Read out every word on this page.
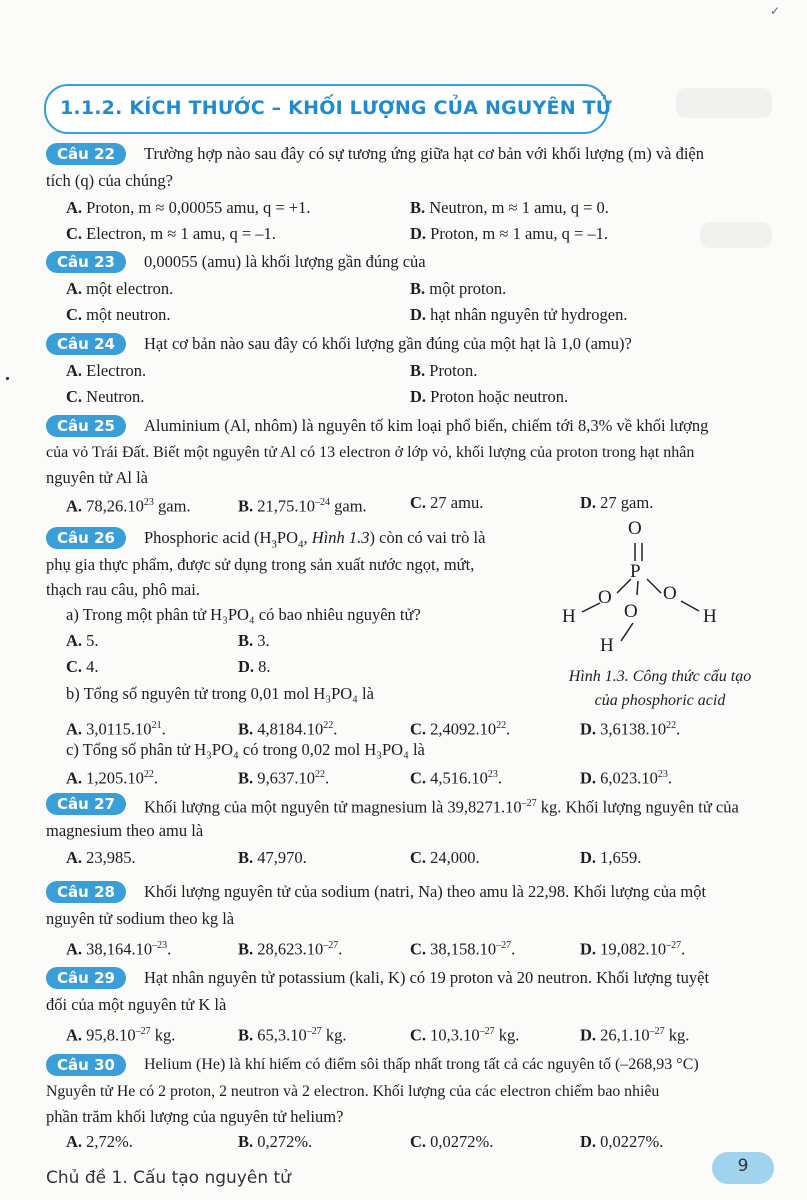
✓
1.1.2. KÍCH THƯỚC – KHỐI LƯỢNG CỦA NGUYÊN TỬ
Câu 22	Trường hợp nào sau đây có sự tương ứng giữa hạt cơ bản với khối lượng (m) và điện
tích (q) của chúng?
A. Proton, m ≈ 0,00055 amu, q = +1.	B. Neutron, m ≈ 1 amu, q = 0.
C. Electron, m ≈ 1 amu, q = –1.	D. Proton, m ≈ 1 amu, q = –1.
Câu 23	0,00055 (amu) là khối lượng gần đúng của
A. một electron.	B. một proton.
C. một neutron.	D. hạt nhân nguyên tử hydrogen.
Câu 24	Hạt cơ bản nào sau đây có khối lượng gần đúng của một hạt là 1,0 (amu)?
A. Electron.	B. Proton.
C. Neutron.	D. Proton hoặc neutron.
Câu 25	Aluminium (Al, nhôm) là nguyên tố kim loại phổ biến, chiếm tới 8,3% về khối lượng
của vỏ Trái Đất. Biết một nguyên tử Al có 13 electron ở lớp vỏ, khối lượng của proton trong hạt nhân
nguyên tử Al là
A. 78,26.10$^{23}$ gam.	B. $21,75.10^{-24}$ gam.	C. 27 amu.	D. 27 gam.
Câu 26	Phosphoric acid ($H_3PO_4$, Hình 1.3) còn có vai trò là
phụ gia thực phẩm, được sử dụng trong sản xuất nước ngọt, mứt,
thạch rau câu, phô mai.
a) Trong một phân tử H₃PO₄ có bao nhiêu nguyên tử?
A. 5.	B. 3.
C. 4.	D. 8.
b) Tổng số nguyên tử trong 0,01 mol H₃PO₄ là
A. 3,0115.10$^{21}$.	B. 4,8184.10$^{22}$.	C. 2,4092.10$^{22}$.	D. 3,6138.10$^{22}$.
c) Tổng số phân tử H₃PO₄ có trong 0,02 mol H₃PO₄ là
A. 1,205.10$^{22}$.	B. 9,637.10$^{22}$.	C. 4,516.10$^{23}$.	D. 6,023.10$^{23}$.
O
P
O	O
O
H	H
H
Hình 1.3. Công thức cấu tạo
của phosphoric acid
Câu 27	Khối lượng của một nguyên tử magnesium là $39,8271.10^{-27}$ kg. Khối lượng nguyên tử của
magnesium theo amu là
A. 23,985.	B. 47,970.	C. 24,000.	D. 1,659.
Câu 28	Khối lượng nguyên tử của sodium (natri, Na) theo amu là 22,98. Khối lượng của một
nguyên tử sodium theo kg là
A. $38,164.10^{-23}$.	B. $28,623.10^{-27}$.	C. $38,158.10^{-27}$.	D. $19,082.10^{-27}$.
Câu 29	Hạt nhân nguyên tử potassium (kali, K) có 19 proton và 20 neutron. Khối lượng tuyệt
đối của một nguyên tử K là
A. $95,8.10^{-27}$ kg.	B. $65,3.10^{-27}$ kg.	C. $10,3.10^{-27}$ kg.	D. $26,1.10^{-27}$ kg.
Câu 30	Helium (He) là khí hiếm có điểm sôi thấp nhất trong tất cả các nguyên tố (–268,93 °C)
Nguyên tử He có 2 proton, 2 neutron và 2 electron. Khối lượng của các electron chiếm bao nhiêu
phần trăm khối lượng của nguyên tử helium?
A. 2,72%.	B. 0,272%.	C. 0,0272%.	D. 0,0227%.
Chủ đề 1. Cấu tạo nguyên tử
9
